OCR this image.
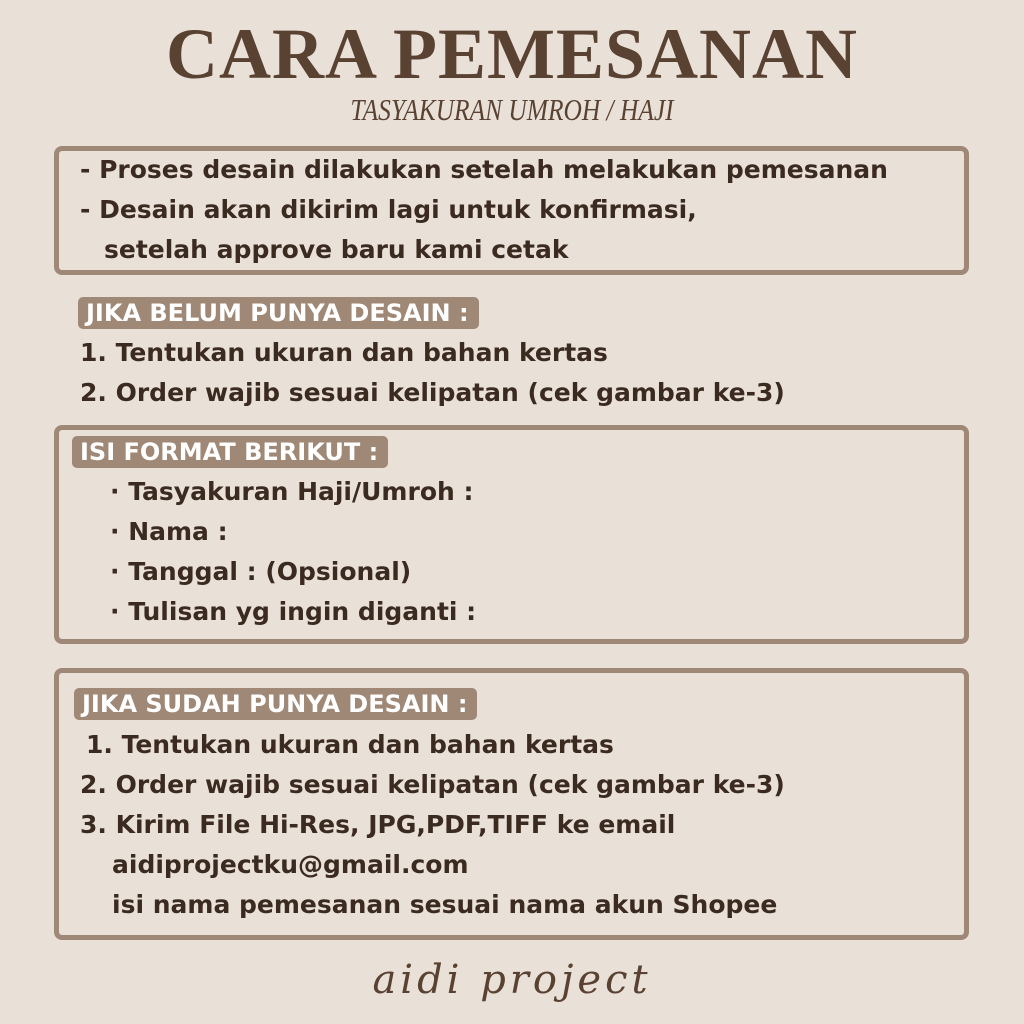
CARA PEMESANAN
TASYAKURAN UMROH / HAJI
- Proses desain dilakukan setelah melakukan pemesanan
- Desain akan dikirim lagi untuk konfirmasi,
setelah approve baru kami cetak
JIKA BELUM PUNYA DESAIN :
1. Tentukan ukuran dan bahan kertas
2. Order wajib sesuai kelipatan (cek gambar ke-3)
ISI FORMAT BERIKUT :
· Tasyakuran Haji/Umroh :
· Nama :
· Tanggal : (Opsional)
· Tulisan yg ingin diganti :
JIKA SUDAH PUNYA DESAIN :
1. Tentukan ukuran dan bahan kertas
2. Order wajib sesuai kelipatan (cek gambar ke-3)
3. Kirim File Hi-Res, JPG,PDF,TIFF ke email
aidiprojectku@gmail.com
isi nama pemesanan sesuai nama akun Shopee
aidi project
